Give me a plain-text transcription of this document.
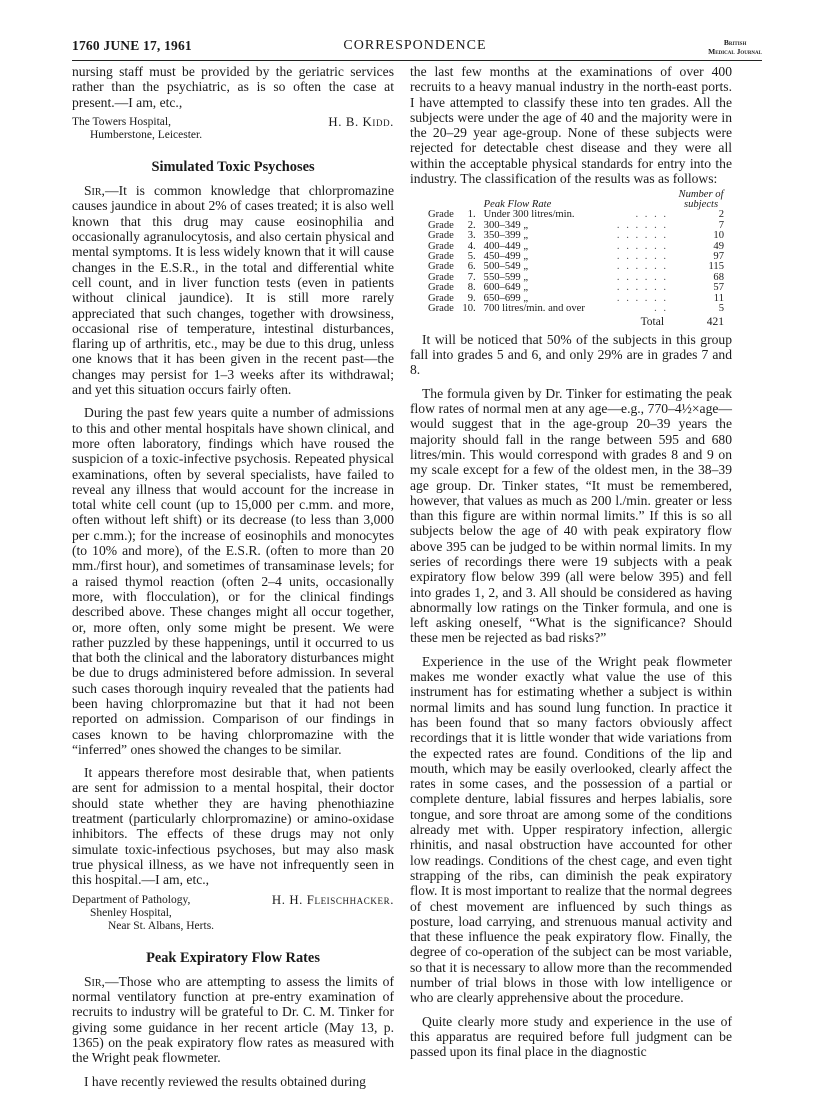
1760 JUNE 17, 1961	CORRESPONDENCE	British
Medical Journal

nursing staff must be provided by the geriatric services rather than the psychiatric, as is so often the case at present.—I am, etc.,

The Towers Hospital,
Humberstone, Leicester.
H. B. Kidd.
Simulated Toxic Psychoses

Sir,—It is common knowledge that chlorpromazine causes jaundice in about 2% of cases treated; it is also well known that this drug may cause eosinophilia and occasionally agranulocytosis, and also certain physical and mental symptoms. It is less widely known that it will cause changes in the E.S.R., in the total and differential white cell count, and in liver function tests (even in patients without clinical jaundice). It is still more rarely appreciated that such changes, together with drowsiness, occasional rise of temperature, intestinal disturbances, flaring up of arthritis, etc., may be due to this drug, unless one knows that it has been given in the recent past—the changes may persist for 1–3 weeks after its withdrawal; and yet this situation occurs fairly often.

During the past few years quite a number of admissions to this and other mental hospitals have shown clinical, and more often laboratory, findings which have roused the suspicion of a toxic-infective psychosis. Repeated physical examinations, often by several specialists, have failed to reveal any illness that would account for the increase in total white cell count (up to 15,000 per c.mm. and more, often without left shift) or its decrease (to less than 3,000 per c.mm.); for the increase of eosinophils and monocytes (to 10% and more), of the E.S.R. (often to more than 20 mm./first hour), and sometimes of transaminase levels; for a raised thymol reaction (often 2–4 units, occasionally more, with flocculation), or for the clinical findings described above. These changes might all occur together, or, more often, only some might be present. We were rather puzzled by these happenings, until it occurred to us that both the clinical and the laboratory disturbances might be due to drugs administered before admission. In several such cases thorough inquiry revealed that the patients had been having chlorpromazine but that it had not been reported on admission. Comparison of our findings in cases known to be having chlorpromazine with the “inferred” ones showed the changes to be similar.

It appears therefore most desirable that, when patients are sent for admission to a mental hospital, their doctor should state whether they are having phenothiazine treatment (particularly chlorpromazine) or amino-oxidase inhibitors. The effects of these drugs may not only simulate toxic-infectious psychoses, but may also mask true physical illness, as we have not infrequently seen in this hospital.—I am, etc.,

Department of Pathology,
Shenley Hospital,
Near St. Albans, Herts.
H. H. Fleischhacker.
Peak Expiratory Flow Rates

Sir,—Those who are attempting to assess the limits of normal ventilatory function at pre-entry examination of recruits to industry will be grateful to Dr. C. M. Tinker for giving some guidance in her recent article (May 13, p. 1365) on the peak expiratory flow rates as measured with the Wright peak flowmeter.

I have recently reviewed the results obtained during

the last few months at the examinations of over 400 recruits to a heavy manual industry in the north-east ports. I have attempted to classify these into ten grades. All the subjects were under the age of 40 and the majority were in the 20–29 year age-group. None of these subjects were rejected for detectable chest disease and they were all within the acceptable physical standards for entry into the industry. The classification of the results was as follows:

		Peak Flow Rate		Number of
subjects
Grade	1.	Under 300 litres/min.	. . . .	2
Grade	2.	300–349 „	. . . . . .	7
Grade	3.	350–399 „	. . . . . .	10
Grade	4.	400–449 „	. . . . . .	49
Grade	5.	450–499 „	. . . . . .	97
Grade	6.	500–549 „	. . . . . .	115
Grade	7.	550–599 „	. . . . . .	68
Grade	8.	600–649 „	. . . . . .	57
Grade	9.	650–699 „	. . . . . .	11
Grade	10.	700 litres/min. and over	. .	5
			Total	421

It will be noticed that 50% of the subjects in this group fall into grades 5 and 6, and only 29% are in grades 7 and 8.

The formula given by Dr. Tinker for estimating the peak flow rates of normal men at any age—e.g., 770–4½×age—would suggest that in the age-group 20–39 years the majority should fall in the range between 595 and 680 litres/min. This would correspond with grades 8 and 9 on my scale except for a few of the oldest men, in the 38–39 age group. Dr. Tinker states, “It must be remembered, however, that values as much as 200 l./min. greater or less than this figure are within normal limits.” If this is so all subjects below the age of 40 with peak expiratory flow above 395 can be judged to be within normal limits. In my series of recordings there were 19 subjects with a peak expiratory flow below 399 (all were below 395) and fell into grades 1, 2, and 3. All should be considered as having abnormally low ratings on the Tinker formula, and one is left asking oneself, “What is the significance? Should these men be rejected as bad risks?”

Experience in the use of the Wright peak flowmeter makes me wonder exactly what value the use of this instrument has for estimating whether a subject is within normal limits and has sound lung function. In practice it has been found that so many factors obviously affect recordings that it is little wonder that wide variations from the expected rates are found. Conditions of the lip and mouth, which may be easily overlooked, clearly affect the rates in some cases, and the possession of a partial or complete denture, labial fissures and herpes labialis, sore tongue, and sore throat are among some of the conditions already met with. Upper respiratory infection, allergic rhinitis, and nasal obstruction have accounted for other low readings. Conditions of the chest cage, and even tight strapping of the ribs, can diminish the peak expiratory flow. It is most important to realize that the normal degrees of chest movement are influenced by such things as posture, load carrying, and strenuous manual activity and that these influence the peak expiratory flow. Finally, the degree of co-operation of the subject can be most variable, so that it is necessary to allow more than the recommended number of trial blows in those with low intelligence or who are clearly apprehensive about the procedure.

Quite clearly more study and experience in the use of this apparatus are required before full judgment can be passed upon its final place in the diagnostic
